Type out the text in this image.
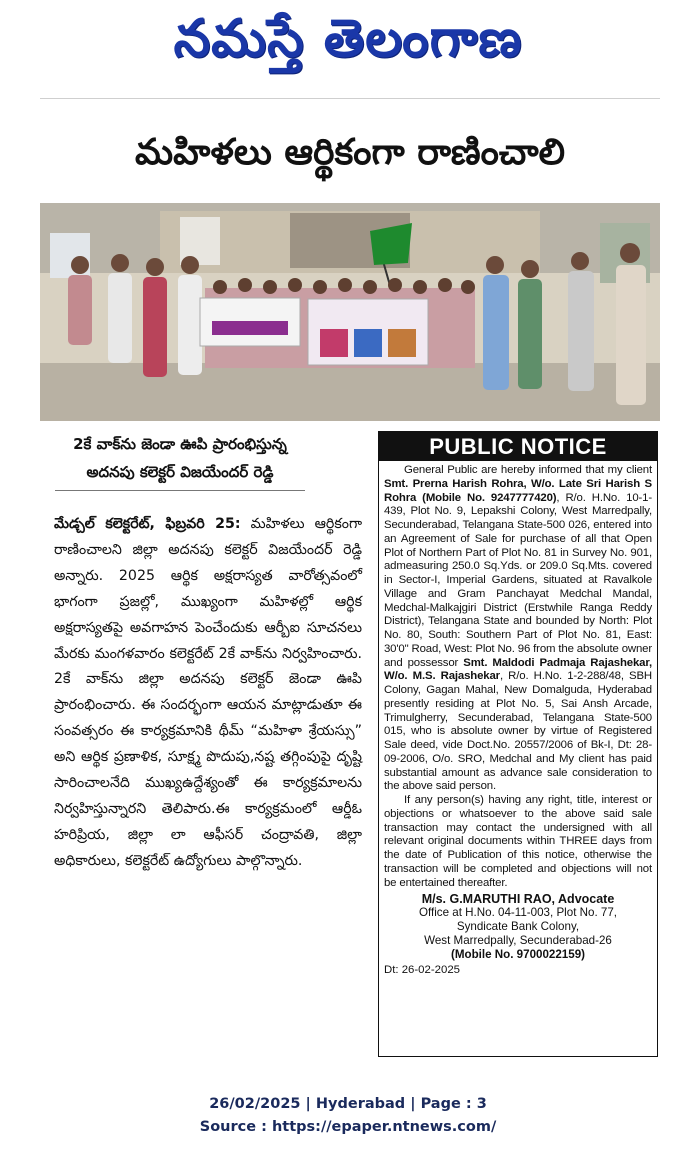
నమస్తే తెలంగాణ
మహిళలు ఆర్థికంగా రాణించాలి
2కే వాక్‌ను జెండా ఊపి ప్రారంభిస్తున్న
అదనపు కలెక్టర్ విజయేందర్ రెడ్డి
మేడ్చల్ కలెక్టరేట్, ఫిబ్రవరి 25: మహిళలు ఆర్థికంగా రాణించాలని జిల్లా అదనపు కలెక్టర్ విజయేందర్ రెడ్డి అన్నారు. 2025 ఆర్థిక అక్షరాస్యత వారోత్సవంలో భాగంగా ప్రజల్లో, ముఖ్యంగా మహిళల్లో ఆర్థిక అక్షరాస్యతపై అవగాహన పెంచేందుకు ఆర్బీఐ సూచనలు మేరకు మంగళవారం కలెక్టరేట్ 2కే వాక్‌ను నిర్వహించారు. 2కే వాక్‌ను జిల్లా అదనపు కలెక్టర్ జెండా ఊపి ప్రారంభించారు. ఈ సందర్భంగా ఆయన మాట్లాడుతూ ఈ సంవత్సరం ఈ కార్యక్రమానికి థీమ్ “మహిళా శ్రేయస్సు” అని ఆర్థిక ప్రణాళిక, సూక్ష్మ పొదుపు,నష్ట తగ్గింపుపై దృష్టి సారించాలనేది ముఖ్యఉద్దేశ్యంతో ఈ కార్యక్రమాలను నిర్వహిస్తున్నారని తెలిపారు.ఈ కార్యక్రమంలో ఆర్డీఓ హరిప్రియ, జిల్లా లా ఆఫీసర్ చంద్రావతి, జిల్లా అధికారులు, కలెక్టరేట్ ఉద్యోగులు పాల్గొన్నారు.
PUBLIC NOTICE

General Public are hereby informed that my client Smt. Prerna Harish Rohra, W/o. Late Sri Harish S Rohra (Mobile No. 9247777420), R/o. H.No. 10-1-439, Plot No. 9, Lepakshi Colony, West Marredpally, Secunderabad, Telangana State-500 026, entered into an Agreement of Sale for purchase of all that Open Plot of Northern Part of Plot No. 81 in Survey No. 901, admeasuring 250.0 Sq.Yds. or 209.0 Sq.Mts. covered in Sector-I, Imperial Gardens, situated at Ravalkole Village and Gram Panchayat Medchal Mandal, Medchal-Malkajgiri District (Erstwhile Ranga Reddy District), Telangana State and bounded by North: Plot No. 80, South: Southern Part of Plot No. 81, East: 30'0" Road, West: Plot No. 96 from the absolute owner and possessor Smt. Maldodi Padmaja Rajashekar, W/o. M.S. Rajashekar, R/o. H.No. 1-2-288/48, SBH Colony, Gagan Mahal, New Domalguda, Hyderabad presently residing at Plot No. 5, Sai Ansh Arcade, Trimulgherry, Secunderabad, Telangana State-500 015, who is absolute owner by virtue of Registered Sale deed, vide Doct.No. 20557/2006 of Bk-I, Dt: 28-09-2006, O/o. SRO, Medchal and My client has paid substantial amount as advance sale consideration to the above said person.

If any person(s) having any right, title, interest or objections or whatsoever to the above said sale transaction may contact the undersigned with all relevant original documents within THREE days from the date of Publication of this notice, otherwise the transaction will be completed and objections will not be entertained thereafter.

M/s. G.MARUTHI RAO, Advocate
Office at H.No. 04-11-003, Plot No. 77,
Syndicate Bank Colony,
West Marredpally, Secunderabad-26
(Mobile No. 9700022159)
Dt: 26-02-2025
26/02/2025 | Hyderabad | Page : 3
Source : https://epaper.ntnews.com/
